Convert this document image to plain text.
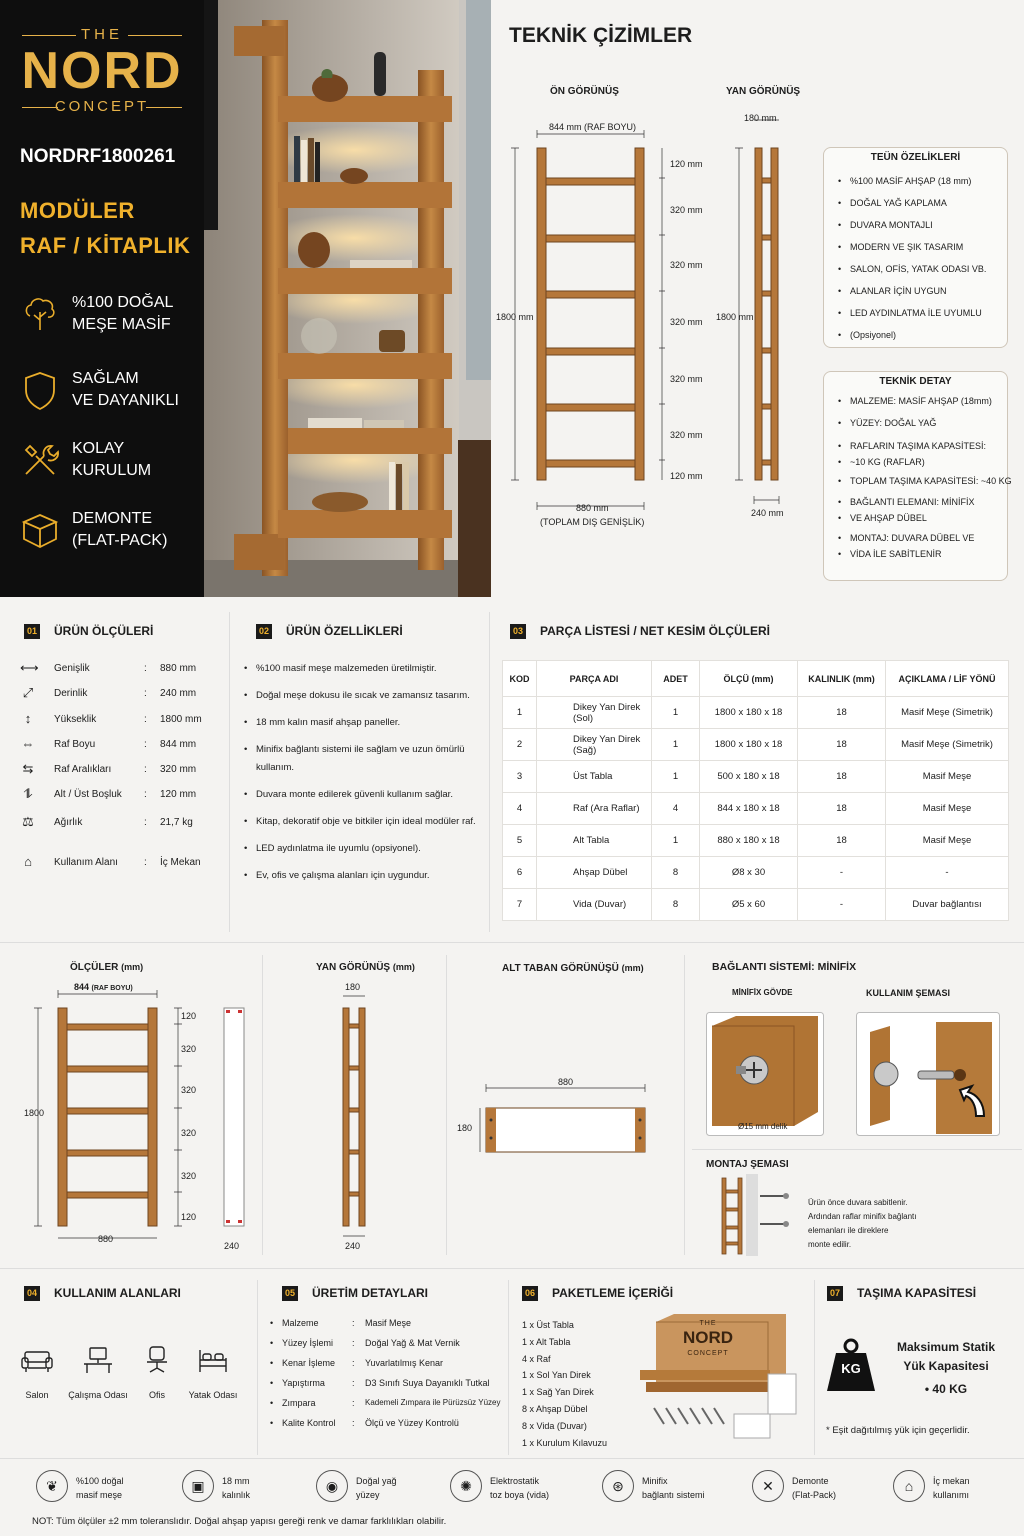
THE
NORD
CONCEPT
NORDRF1800261
MODÜLER
RAF / KİTAPLIK
%100 DOĞAL
MEŞE MASİF
SAĞLAM
VE DAYANIKLI
KOLAY
KURULUM
DEMONTE
(FLAT-PACK)
TEKNİK ÇİZİMLER
ÖN GÖRÜNÜŞ	YAN GÖRÜNÜŞ
844 mm (RAF BOYU)
180 mm
1800 mm	1800 mm
120 mm
320 mm
320 mm
320 mm
320 mm
320 mm
120 mm
880 mm
(TOPLAM DIŞ GENİŞLİK)
240 mm
TEÜN ÖZELİKLERİ
• %100 MASİF AHŞAP (18 mm)
• DOĞAL YAĞ KAPLAMA
• DUVARA MONTAJLI
• MODERN VE ŞIK TASARIM
• SALON, OFİS, YATAK ODASI VB.
• ALANLAR İÇİN UYGUN
• LED AYDINLATMA İLE UYUMLU
• (Opsiyonel)
TEKNİK DETAY
• MALZEME: MASİF AHŞAP (18mm)
• YÜZEY: DOĞAL YAĞ
• RAFLARIN TAŞIMA KAPASİTESİ:
• ~10 KG (RAFLAR)
• TOPLAM TAŞIMA KAPASİTESİ: ~40 KG
• BAĞLANTI ELEMANI: MİNİFİX
• VE AHŞAP DÜBEL
• MONTAJ: DUVARA DÜBEL VE
• VİDA İLE SABİTLENİR
01 ÜRÜN ÖLÇÜLERİ
⟷ Genişlik	: 880 mm
⤢ Derinlik	: 240 mm
↕	Yükseklik	: 1800 mm
⇔ Raf Boyu	: 844 mm
⇆ Raf Aralıkları	: 320 mm
⥮	Alt / Üst Boşluk : 120 mm
⚖ Ağırlık	: 21,7 kg
⌂	Kullanım Alanı	: İç Mekan
02 ÜRÜN ÖZELLİKLERİ
• %100 masif meşe malzemeden üretilmiştir.
• Doğal meşe dokusu ile sıcak ve zamansız tasarım.
• 18 mm kalın masif ahşap paneller.
• Minifix bağlantı sistemi ile sağlam ve uzun ömürlü kullanım.
• Duvara monte edilerek güvenli kullanım sağlar.
• Kitap, dekoratif obje ve bitkiler için ideal modüler raf.
• LED aydınlatma ile uyumlu (opsiyonel).
• Ev, ofis ve çalışma alanları için uygundur.
03 PARÇA LİSTESİ / NET KESİM ÖLÇÜLERİ
KOD	PARÇA ADI	ADET	ÖLÇÜ (mm)	KALINLIK (mm)	AÇIKLAMA / LİF YÖNÜ
1	Dikey Yan Direk (Sol)	1	1800 x 180 x 18	18	Masif Meşe (Simetrik)
2	Dikey Yan Direk (Sağ)	1	1800 x 180 x 18	18	Masif Meşe (Simetrik)
3	Üst Tabla	1	500 x 180 x 18	18	Masif Meşe
4	Raf (Ara Raflar)	4	844 x 180 x 18	18	Masif Meşe
5	Alt Tabla	1	880 x 180 x 18	18	Masif Meşe
6	Ahşap Dübel	8	Ø8 x 30	-	-
7	Vida (Duvar)	8	Ø5 x 60	-	Duvar bağlantısı
ÖLÇÜLER (mm)
844 (RAF BOYU)
1800
120
320
320
320
320
120
880
240
YAN GÖRÜNÜŞ (mm)
180
240
ALT TABAN GÖRÜNÜŞÜ (mm)
880
180
BAĞLANTI SİSTEMİ: MİNİFİX
MİNİFİX GÖVDE	KULLANIM ŞEMASI
Ø15 mm delik
MONTAJ ŞEMASI
Ürün önce duvara sabitlenir.
Ardından raflar minifix bağlantı
elemanları ile direklere
monte edilir.
04 KULLANIM ALANLARI
Salon	Çalışma Odası	Ofis	Yatak Odası
05 ÜRETİM DETAYLARI
• Malzeme	: Masif Meşe
• Yüzey İşlemi : Doğal Yağ & Mat Vernik
• Kenar İşleme : Yuvarlatılmış Kenar
• Yapıştırma	: D3 Sınıfı Suya Dayanıklı Tutkal
• Zımpara	: Kademeli Zımpara ile Pürüzsüz Yüzey
• Kalite Kontrol : Ölçü ve Yüzey Kontrolü
06 PAKETLEME İÇERİĞİ
1 x Üst Tabla
1 x Alt Tabla
4 x Raf
1 x Sol Yan Direk
1 x Sağ Yan Direk
8 x Ahşap Dübel
8 x Vida (Duvar)
1 x Kurulum Kılavuzu
THE
NORD
CONCEPT
07 TAŞIMA KAPASİTESİ
KG
Maksimum Statik
Yük Kapasitesi
• 40 KG
* Eşit dağıtılmış yük için geçerlidir.
❦	%100 doğal
masif meşe
▣	18 mm
kalınlık
◉	Doğal yağ
yüzey
✺	Elektrostatik
toz boya (vida)
⊛	Minifix
bağlantı sistemi
✕	Demonte
(Flat-Pack)
⌂	İç mekan
kullanımı
NOT: Tüm ölçüler ±2 mm toleranslıdır. Doğal ahşap yapısı gereği renk ve damar farklılıkları olabilir.
